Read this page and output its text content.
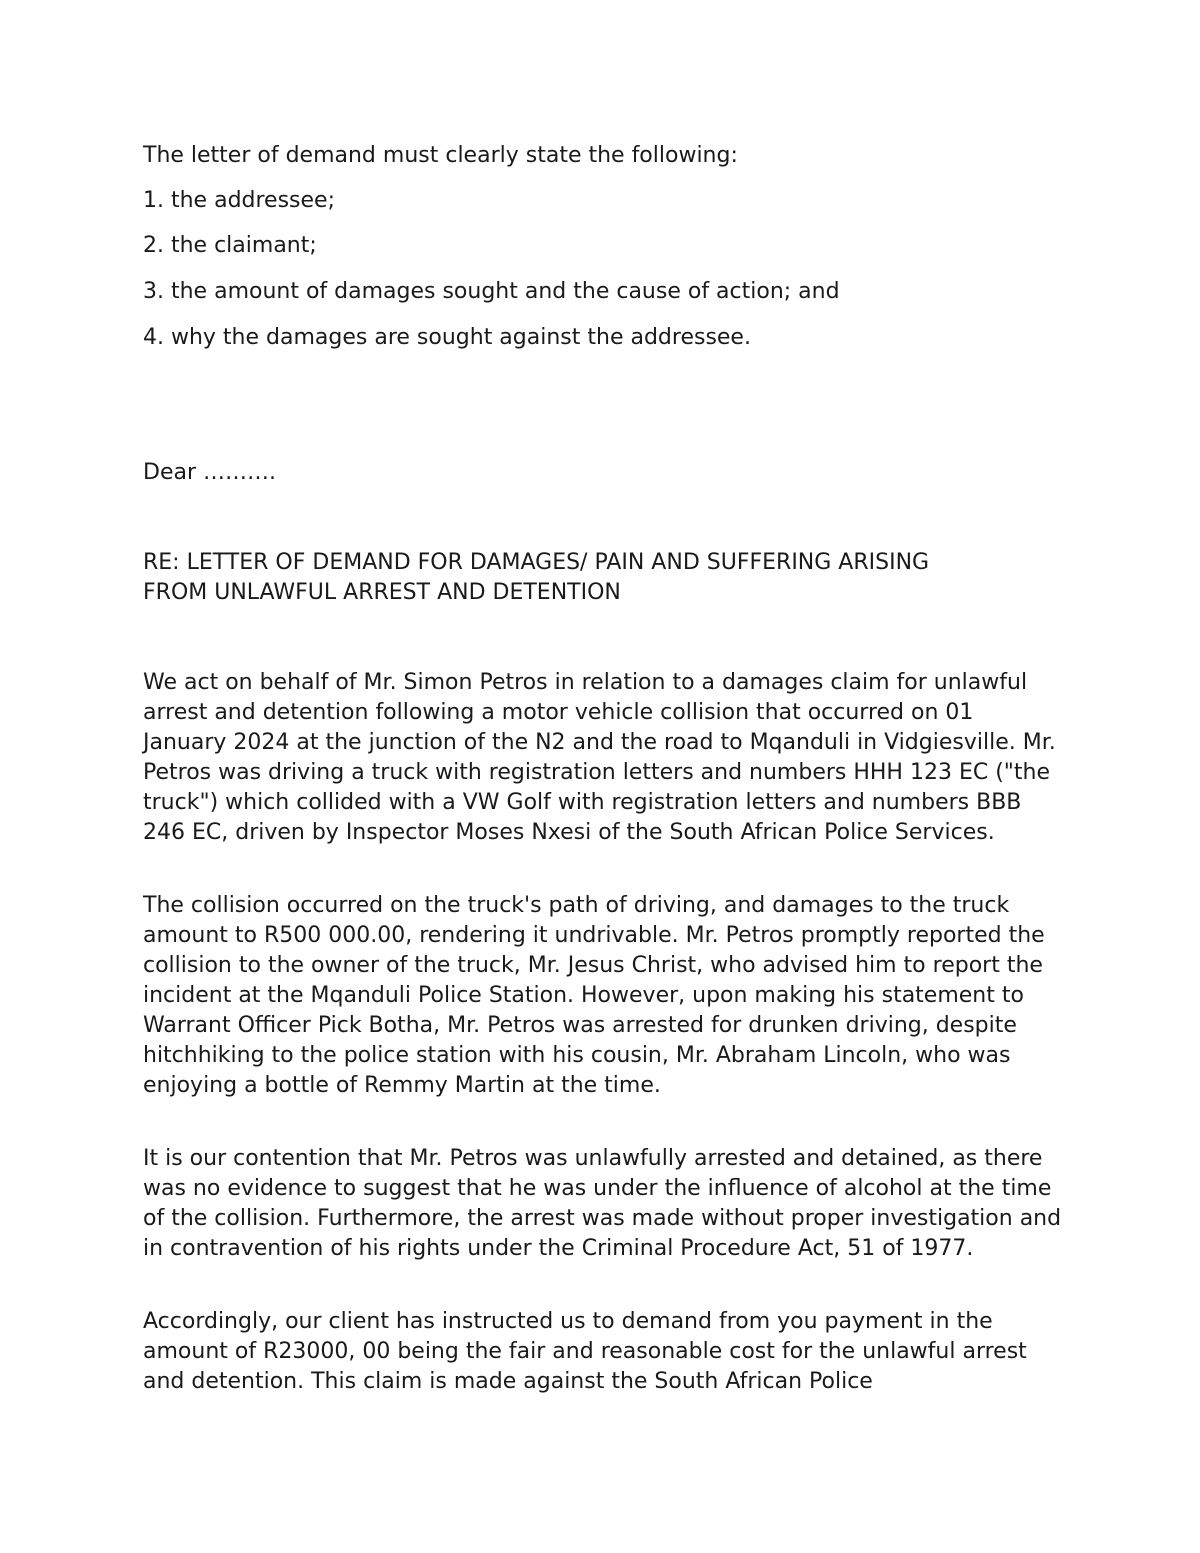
The letter of demand must clearly state the following:
1. the addressee;
2. the claimant;
3. the amount of damages sought and the cause of action; and
4. why the damages are sought against the addressee.
Dear ……….
RE: LETTER OF DEMAND FOR DAMAGES/ PAIN AND SUFFERING ARISING
FROM UNLAWFUL ARREST AND DETENTION
We act on behalf of Mr. Simon Petros in relation to a damages claim for unlawful arrest and detention following a motor vehicle collision that occurred on 01 January 2024 at the junction of the N2 and the road to Mqanduli in Vidgiesville. Mr. Petros was driving a truck with registration letters and numbers HHH 123 EC ("the truck") which collided with a VW Golf with registration letters and numbers BBB 246 EC, driven by Inspector Moses Nxesi of the South African Police Services.
The collision occurred on the truck's path of driving, and damages to the truck amount to R500 000.00, rendering it undrivable. Mr. Petros promptly reported the collision to the owner of the truck, Mr. Jesus Christ, who advised him to report the incident at the Mqanduli Police Station. However, upon making his statement to Warrant Officer Pick Botha, Mr. Petros was arrested for drunken driving, despite hitchhiking to the police station with his cousin, Mr. Abraham Lincoln, who was enjoying a bottle of Remmy Martin at the time.
It is our contention that Mr. Petros was unlawfully arrested and detained, as there was no evidence to suggest that he was under the influence of alcohol at the time of the collision. Furthermore, the arrest was made without proper investigation and in contravention of his rights under the Criminal Procedure Act, 51 of 1977.
Accordingly, our client has instructed us to demand from you payment in the amount of R23000, 00 being the fair and reasonable cost for the unlawful arrest and detention. This claim is made against the South African Police
